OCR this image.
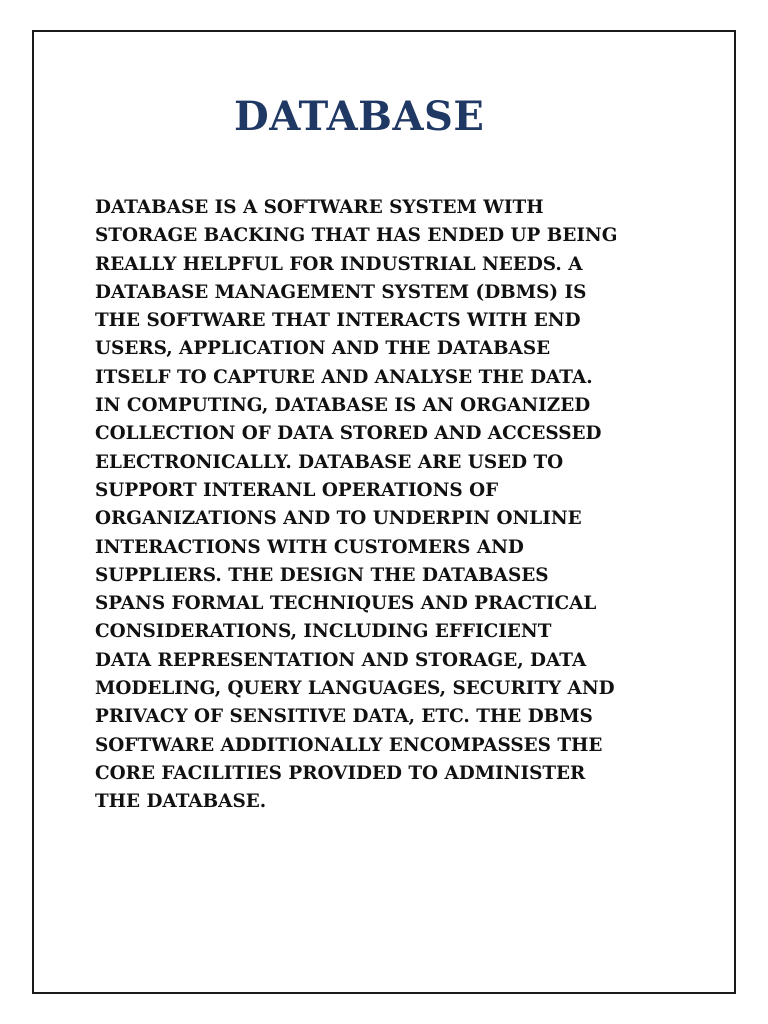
DATABASE
DATABASE IS A SOFTWARE SYSTEM WITH
STORAGE BACKING THAT HAS ENDED UP BEING
REALLY HELPFUL FOR INDUSTRIAL NEEDS. A
DATABASE MANAGEMENT SYSTEM (DBMS) IS
THE SOFTWARE THAT INTERACTS WITH END
USERS, APPLICATION AND THE DATABASE
ITSELF TO CAPTURE AND ANALYSE THE DATA.
IN COMPUTING, DATABASE IS AN ORGANIZED
COLLECTION OF DATA STORED AND ACCESSED
ELECTRONICALLY. DATABASE ARE USED TO
SUPPORT INTERANL OPERATIONS OF
ORGANIZATIONS AND TO UNDERPIN ONLINE
INTERACTIONS WITH CUSTOMERS AND
SUPPLIERS. THE DESIGN THE DATABASES
SPANS FORMAL TECHNIQUES AND PRACTICAL
CONSIDERATIONS, INCLUDING EFFICIENT
DATA REPRESENTATION AND STORAGE, DATA
MODELING, QUERY LANGUAGES, SECURITY AND
PRIVACY OF SENSITIVE DATA, ETC. THE DBMS
SOFTWARE ADDITIONALLY ENCOMPASSES THE
CORE FACILITIES PROVIDED TO ADMINISTER
THE DATABASE.
